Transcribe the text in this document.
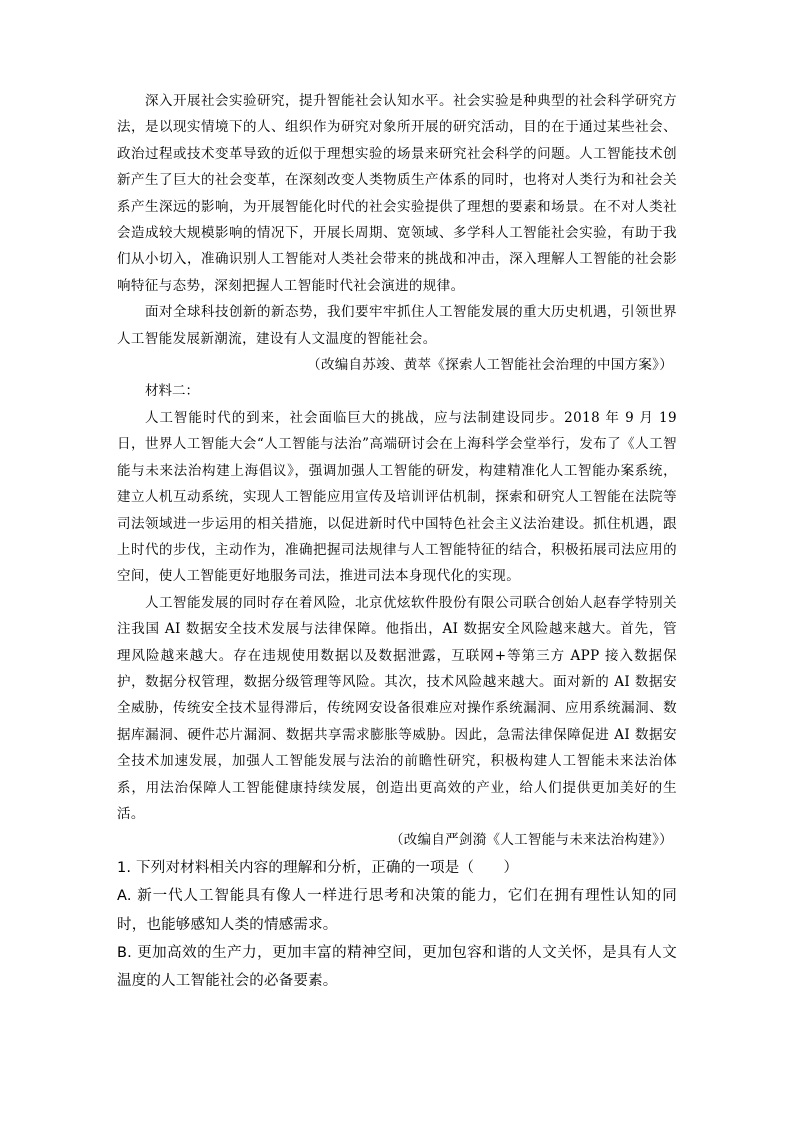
深入开展社会实验研究，提升智能社会认知水平。社会实验是种典型的社会科学研究方法，是以现实情境下的人、组织作为研究对象所开展的研究活动，目的在于通过某些社会、政治过程或技术变革导致的近似于理想实验的场景来研究社会科学的问题。人工智能技术创新产生了巨大的社会变革，在深刻改变人类物质生产体系的同时，也将对人类行为和社会关系产生深远的影响，为开展智能化时代的社会实验提供了理想的要素和场景。在不对人类社会造成较大规模影响的情况下，开展长周期、宽领域、多学科人工智能社会实验，有助于我们从小切入，准确识别人工智能对人类社会带来的挑战和冲击，深入理解人工智能的社会影响特征与态势，深刻把握人工智能时代社会演进的规律。

面对全球科技创新的新态势，我们要牢牢抓住人工智能发展的重大历史机遇，引领世界人工智能发展新潮流，建设有人文温度的智能社会。

（改编自苏竣、黄萃《探索人工智能社会治理的中国方案》）

材料二：

人工智能时代的到来，社会面临巨大的挑战，应与法制建设同步。2018 年 9 月 19 日，世界人工智能大会“人工智能与法治”高端研讨会在上海科学会堂举行，发布了《人工智能与未来法治构建上海倡议》，强调加强人工智能的研发，构建精准化人工智能办案系统，建立人机互动系统，实现人工智能应用宣传及培训评估机制，探索和研究人工智能在法院等司法领域进一步运用的相关措施，以促进新时代中国特色社会主义法治建设。抓住机遇，跟上时代的步伐，主动作为，准确把握司法规律与人工智能特征的结合，积极拓展司法应用的空间，使人工智能更好地服务司法，推进司法本身现代化的实现。

人工智能发展的同时存在着风险，北京优炫软件股份有限公司联合创始人赵春学特别关注我国 AI 数据安全技术发展与法律保障。他指出，AI 数据安全风险越来越大。首先，管理风险越来越大。存在违规使用数据以及数据泄露，互联网+等第三方 APP 接入数据保护，数据分权管理，数据分级管理等风险。其次，技术风险越来越大。面对新的 AI 数据安全威胁，传统安全技术显得滞后，传统网安设备很难应对操作系统漏洞、应用系统漏洞、数据库漏洞、硬件芯片漏洞、数据共享需求膨胀等威胁。因此，急需法律保障促进 AI 数据安全技术加速发展，加强人工智能发展与法治的前瞻性研究，积极构建人工智能未来法治体系，用法治保障人工智能健康持续发展，创造出更高效的产业，给人们提供更加美好的生活。

（改编自严剑漪《人工智能与未来法治构建》）

1. 下列对材料相关内容的理解和分析，正确的一项是（　　）

A. 新一代人工智能具有像人一样进行思考和决策的能力，它们在拥有理性认知的同时，也能够感知人类的情感需求。

B. 更加高效的生产力，更加丰富的精神空间，更加包容和谐的人文关怀，是具有人文温度的人工智能社会的必备要素。
